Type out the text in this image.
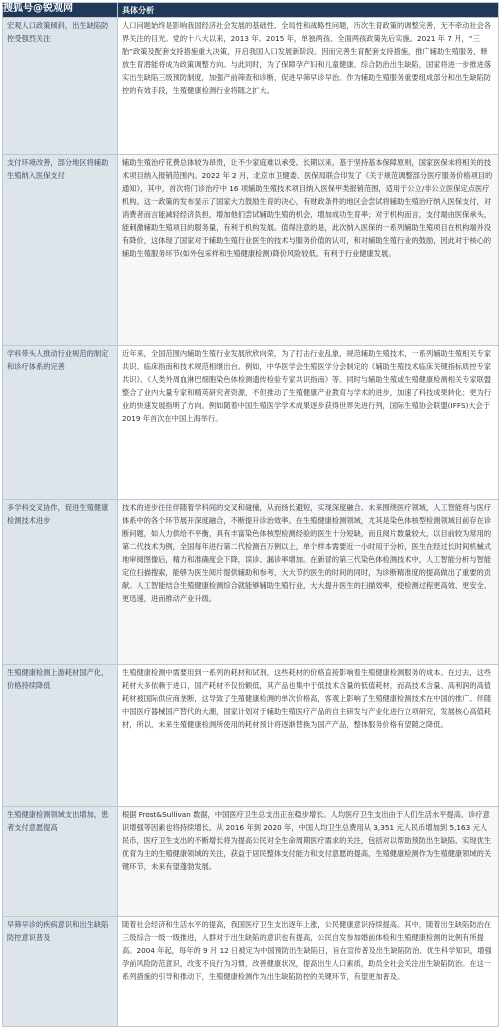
搜狐号@锐观网
		具体分析
宏观人口政策倾斜，出生缺陷防控受强烈关注	人口问题始终是影响我国经济社会发展的基础性、全局性和战略性问题，历次生育政策的调整完善，无不牵动社会各界关注的目光。党的十八大以来，2013 年、2015 年，单独两孩、全面两孩政策先后实施。2021 年 7 月，“三胎”政策及配套支持措施重大决策，开启我国人口发展新阶段。因而完善生育配套支持措施，推广辅助生殖服务，释放生育潜能将成为政策调整方向。与此同时，为了保障孕产妇和儿童健康、综合防治出生缺陷，国家将进一步推进落实出生缺陷三级预防制度，加强产前筛查和诊断，促进早筛早诊早治。作为辅助生殖服务重要组成部分和出生缺陷防控的有效手段，生殖健康检测行业将随之扩大。
支付环境改善，部分地区将辅助生殖纳入医保支付	辅助生殖治疗花费总体较为昂贵，让不少家庭难以承受。长期以来，基于坚持基本保障原则，国家医保未将相关的技术项目纳入报销范围内。2022 年 2 月，北京市卫健委、医保局联合印发了《关于规范调整部分医疗服务价格项目的通知》，其中，首次将门诊治疗中 16 项辅助生殖技术项目纳入医保甲类报销范围，适用于公立/非公立医保定点医疗机构。这一政策的发布显示了国家大力鼓励生育的决心，有财政条件的地区会尝试将辅助生殖治疗纳入医保支付，对消费者而言能减轻经济负担，增加他们尝试辅助生殖的机会，增加成功生育率；对于机构而言，支付端由医保承头，能刺激辅助生殖项目的服务量，有利于机构发展。值得注意的是，此次纳入医保的一系列辅助生殖项目在机构端并没有降价，这体现了国家对于辅助生殖行业医生的技术与服务价值的认可，和对辅助生殖行业的鼓励，因此对于核心的辅助生殖服务环节(如外包采样和生殖健康检测)降价风险较低，有利于行业健康发展。
学科带头人推动行业规范的制定和诊疗体系的完善	近年来，全国范围内辅助生殖行业发展欣欣向荣，为了打击行业乱象，规范辅助生殖技术，一系列辅助生殖相关专家共识、临床指南和技术规范相继出台。例如，中华医学会生殖医学分会制定的《辅助生殖技术临床关键指标质控专家共识》、《人类外周血淋巴细胞染色体检测遗传检验专家共识指南》等。同时与辅助生殖或生殖健康检测相关专家联盟整合了业内大量专家和精英研究者资源，不但推动了生殖健康产业教育与学术的进步，加速了科技成果转化；更为行业的快速发展指明了方向。例如随着中国生殖医学学术成果逐步获得世界先进行列，国际生殖协会联盟(IFFS)大会于 2019 年首次在中国上海举行。
多学科交叉协作，促进生殖健康检测技术进步	技术的进步往往伴随着学科间的交叉和碰撞，从而扬长避短，实现深度融合。未来围绕医疗领域，人工智能将与医疗体系中的各个环节展开深度融合，不断提升诊治效率。在生殖健康检测领域，尤其是染色体核型检测领域目前存在诊断问题，如人力供给不平衡，具有丰富染色体核型检测经验的医生十分短缺，而且阅片数量较大，以目前较为常用的第二代技术为例，全国每年进行第二代检测百万例以上，单个样本需要近一小时用于分析，医生在经过长时间机械式地审阅图像后，精力和准确度会下降，误诊、漏诊率增加。在新冒的第三代染色体检测技术中，人工智能分析与智能定位扫描搜索，能够为医生阅片提供辅助和参考，大大节约医生的时间的同时，为诊断精准度的提高做出了重要的贡献。人工智能结合生殖健康检测综合就能够辅助生殖行业，大大提升医生的扫描效率，使检测过程更高效、更安全、更迅速，进而推动产业升级。
生殖健康检测上游耗材国产化，价格持续降低	生殖健康检测中需要用到一系列的耗材和试剂，这些耗材的价格直接影响着生殖健康检测服务的成本。在过去，这些耗材大多依赖于进口，国产耗材不仅份额低，其产品也集中于低技术含量的低值耗材，而高技术含量、高利润的高值耗材被国际供应商垄断，这导致了生殖健康检测的单次价格高，客观上影响了生殖健康检测技术在中国的推广。伴随中国医疗器械国产替代的大潮，国家计划对于辅助生殖医疗产品的自主研发与产业化进行立项研究，发展核心高值耗材，所以，未来生殖健康检测所使用的耗材预计将逐渐替换为国产产品，整体服务价格有望随之降低。
生殖健康检测领域支出增加，患者支付意愿提高	根据 Frost&Sullivan 数据，中国医疗卫生总支出正在稳步增长。人均医疗卫生支出由于人们生活水平提高、诊疗意识增强等因素也将持续增长。从 2016 年到 2020 年，中国人均卫生总费用从 3,351 元人民币增加到 5,163 元人民币，医疗卫生支出的不断增长将为提高公民对全生命周期医疗需求的关注，包括对以帮助预防出生缺陷、实现优生优育为主的生殖健康领域的关注，获益于居民整体支付能力和支付意愿的提高，生殖健康检测作为生殖健康领域的关键环节，未来有望蓬勃发展。
早筛早诊的疾病意识和出生缺陷防控意识普及	随着社会经济和生活水平的提高，我国医疗卫生支出逐年上涨，公民健康意识持续提高。其中，随着出生缺陷防治在三级综合一级一级推进，人群对于出生缺陷的意识也有提高，公民自发参加婚前体检和生殖健康检测的比例有所提高。2004 年起，每年的 9 月 12 日被定为中国预防出生缺陷日，旨在宣传普及出生缺陷防治、优生科学知识，增强孕前风险防范意识，改变不良行为习惯，改善健康状况，提高出生人口素质，助员全社会关注出生缺陷防治。在这一系列措施的引导和推动下，生殖健康检测作为出生缺陷防控的关键环节，有望更加普及。
